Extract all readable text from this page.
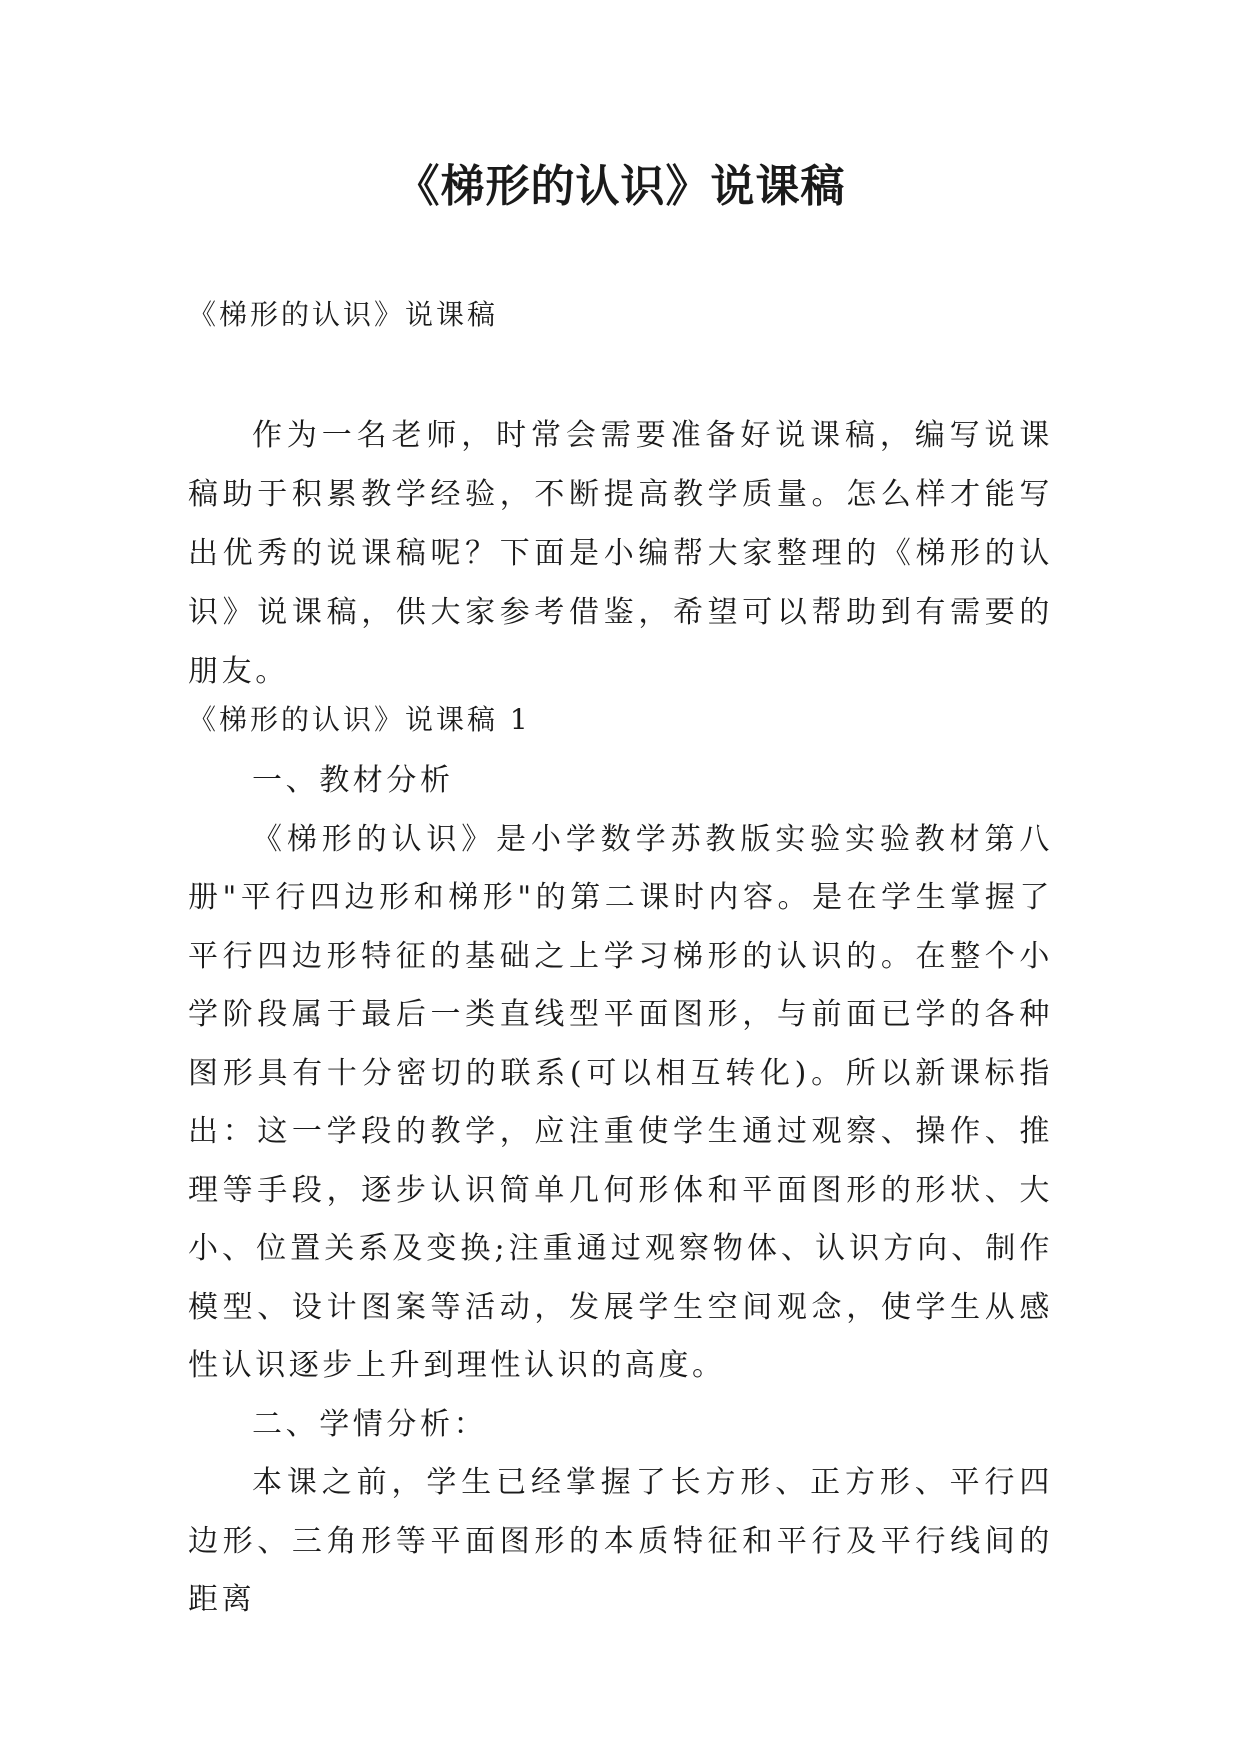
《梯形的认识》说课稿

《梯形的认识》说课稿

作为一名老师，时常会需要准备好说课稿，编写说课稿助于积累教学经验，不断提高教学质量。怎么样才能写出优秀的说课稿呢？下面是小编帮大家整理的《梯形的认识》说课稿，供大家参考借鉴，希望可以帮助到有需要的朋友。

《梯形的认识》说课稿 1

一、教材分析

《梯形的认识》是小学数学苏教版实验实验教材第八册"平行四边形和梯形"的第二课时内容。是在学生掌握了平行四边形特征的基础之上学习梯形的认识的。在整个小学阶段属于最后一类直线型平面图形，与前面已学的各种图形具有十分密切的联系(可以相互转化)。所以新课标指出：这一学段的教学，应注重使学生通过观察、操作、推理等手段，逐步认识简单几何形体和平面图形的形状、大小、位置关系及变换;注重通过观察物体、认识方向、制作模型、设计图案等活动，发展学生空间观念，使学生从感性认识逐步上升到理性认识的高度。

二、学情分析：

本课之前，学生已经掌握了长方形、正方形、平行四边形、三角形等平面图形的本质特征和平行及平行线间的距离
